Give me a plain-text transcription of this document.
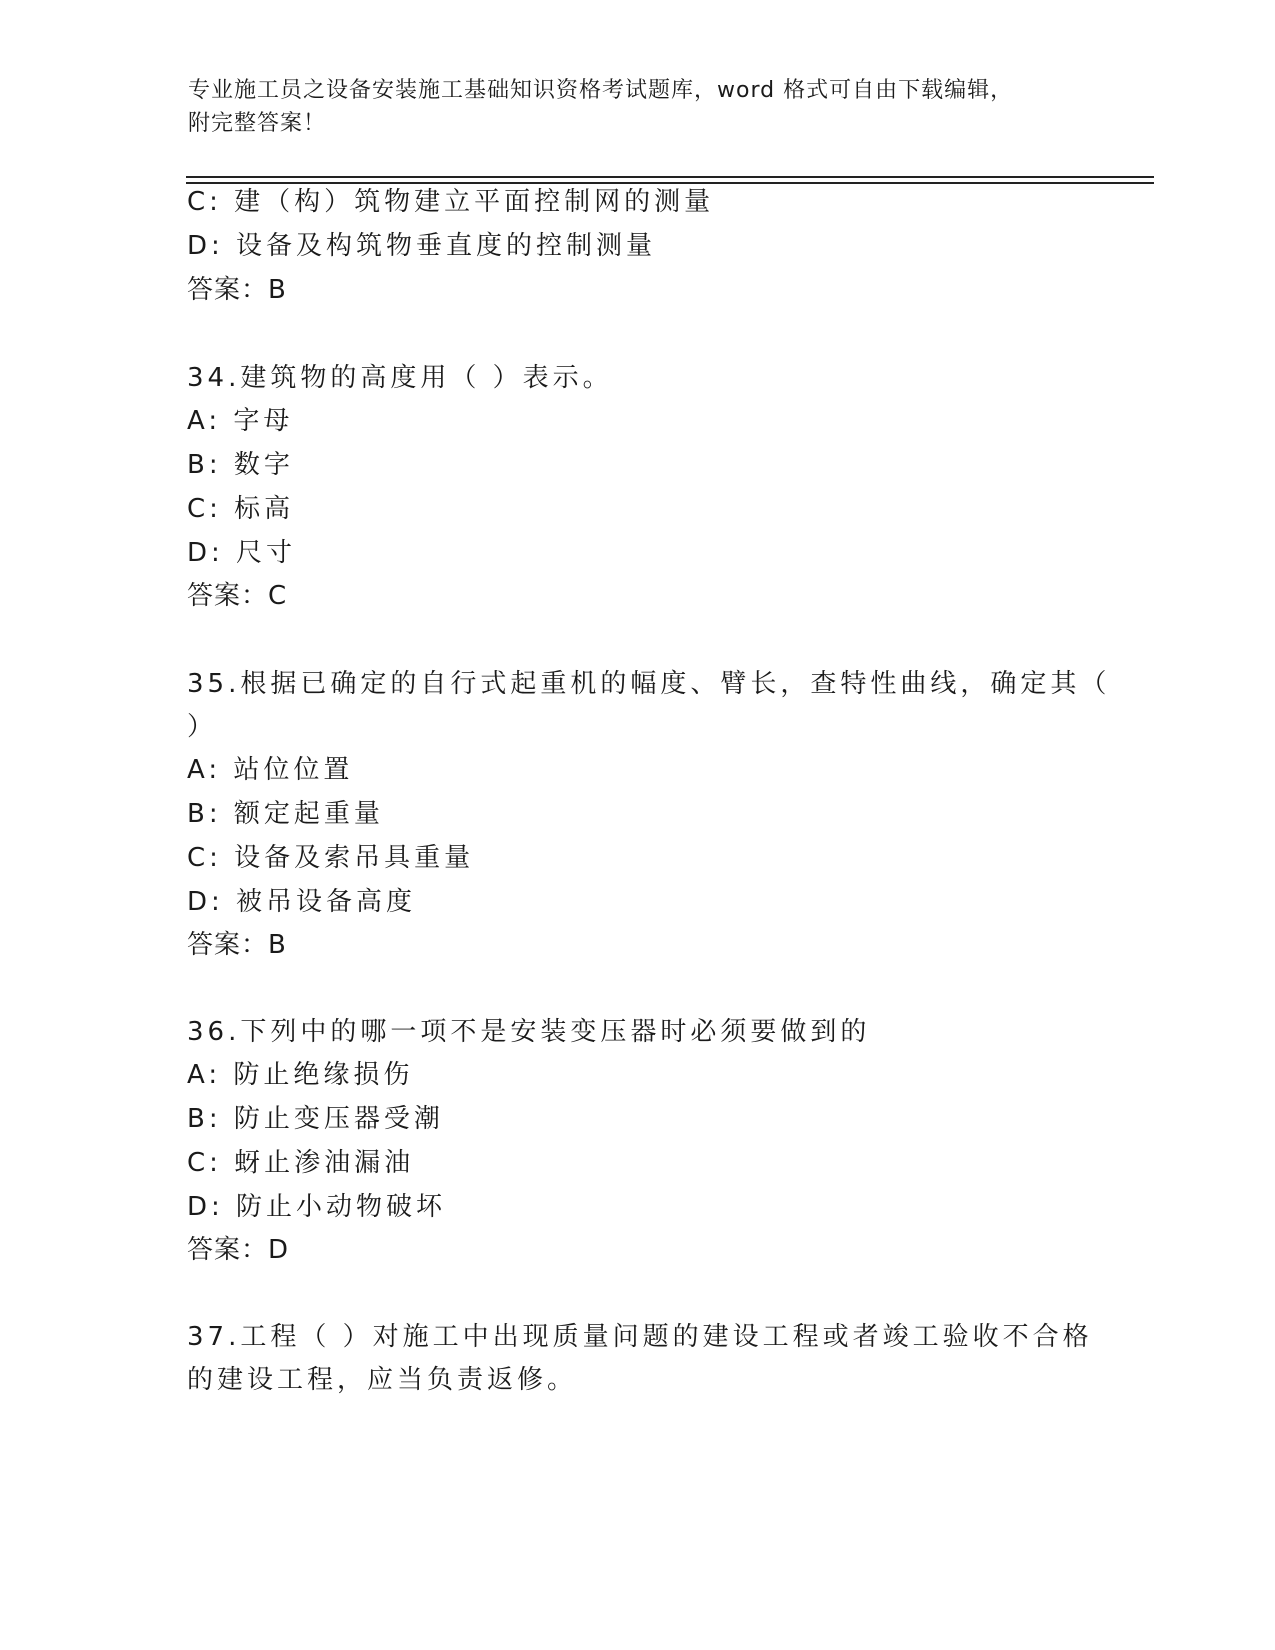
专业施工员之设备安装施工基础知识资格考试题库，word 格式可自由下载编辑，
附完整答案！
C: 建（构）筑物建立平面控制网的测量
D: 设备及构筑物垂直度的控制测量
答案：B
34.建筑物的高度用（ ）表示。
A: 字母
B: 数字
C: 标高
D: 尺寸
答案：C
35.根据已确定的自行式起重机的幅度、臂长，查特性曲线，确定其（
）
A: 站位位置
B: 额定起重量
C: 设备及索吊具重量
D: 被吊设备高度
答案：B
36.下列中的哪一项不是安装变压器时必须要做到的
A: 防止绝缘损伤
B: 防止变压器受潮
C: 蚜止渗油漏油
D: 防止小动物破坏
答案：D
37.工程（ ）对施工中出现质量问题的建设工程或者竣工验收不合格
的建设工程，应当负责返修。
